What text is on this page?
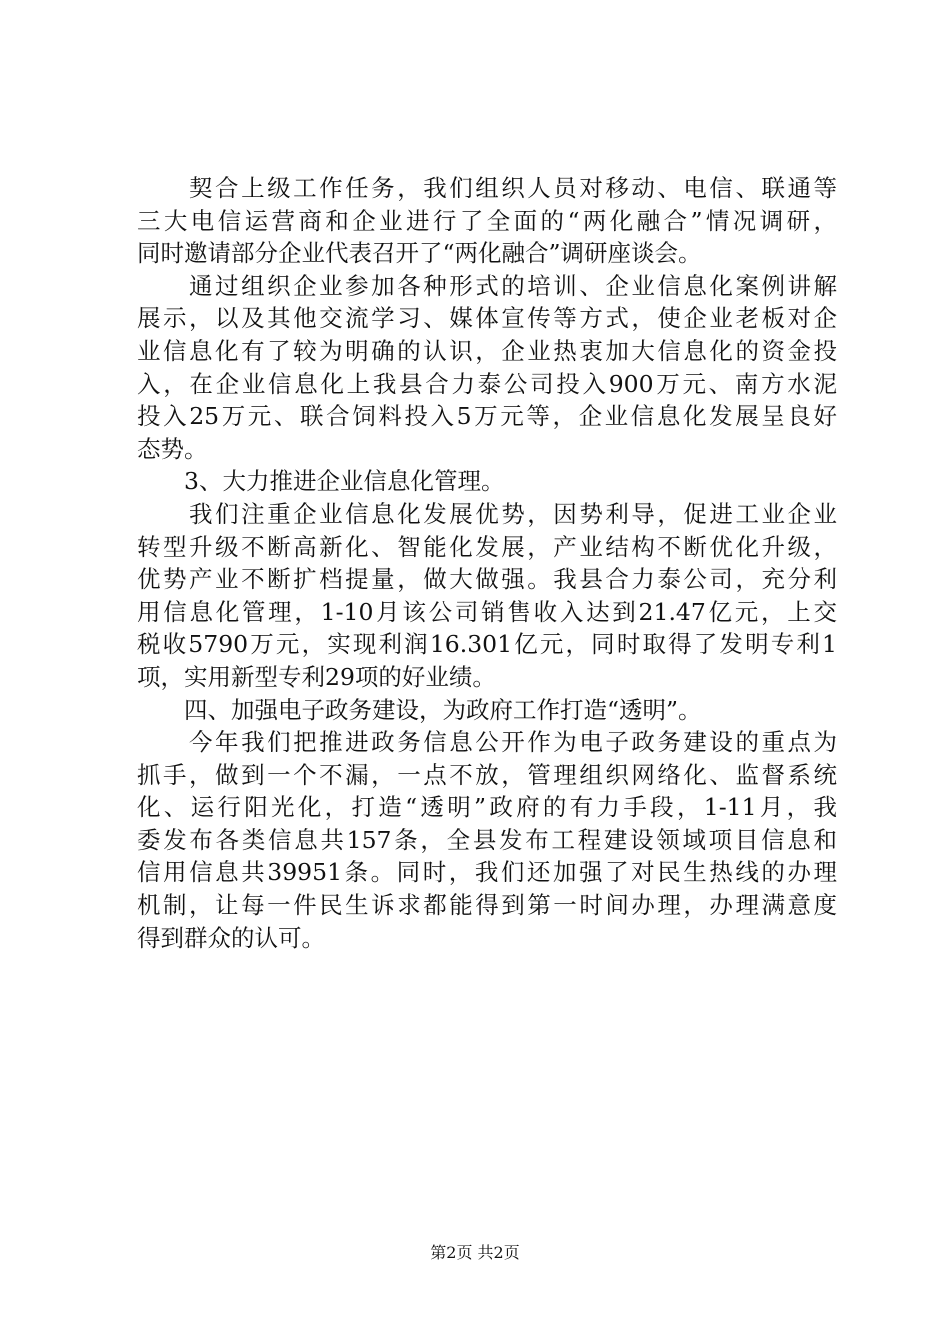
　　契合上级工作任务，我们组织人员对移动、电信、联通等
三大电信运营商和企业进行了全面的“两化融合”情况调研，
同时邀请部分企业代表召开了“两化融合”调研座谈会。
　　通过组织企业参加各种形式的培训、企业信息化案例讲解
展示，以及其他交流学习、媒体宣传等方式，使企业老板对企
业信息化有了较为明确的认识，企业热衷加大信息化的资金投
入，在企业信息化上我县合力泰公司投入900万元、南方水泥
投入25万元、联合饲料投入5万元等，企业信息化发展呈良好
态势。
　　3、大力推进企业信息化管理。
　　我们注重企业信息化发展优势，因势利导，促进工业企业
转型升级不断高新化、智能化发展，产业结构不断优化升级，
优势产业不断扩档提量，做大做强。我县合力泰公司，充分利
用信息化管理，1-10月该公司销售收入达到21.47亿元，上交
税收5790万元，实现利润16.301亿元，同时取得了发明专利1
项，实用新型专利29项的好业绩。
　　四、加强电子政务建设，为政府工作打造“透明”。
　　今年我们把推进政务信息公开作为电子政务建设的重点为
抓手，做到一个不漏，一点不放，管理组织网络化、监督系统
化、运行阳光化，打造“透明”政府的有力手段，1-11月，我
委发布各类信息共157条，全县发布工程建设领域项目信息和
信用信息共39951条。同时，我们还加强了对民生热线的办理
机制，让每一件民生诉求都能得到第一时间办理，办理满意度
得到群众的认可。
第2页 共2页
